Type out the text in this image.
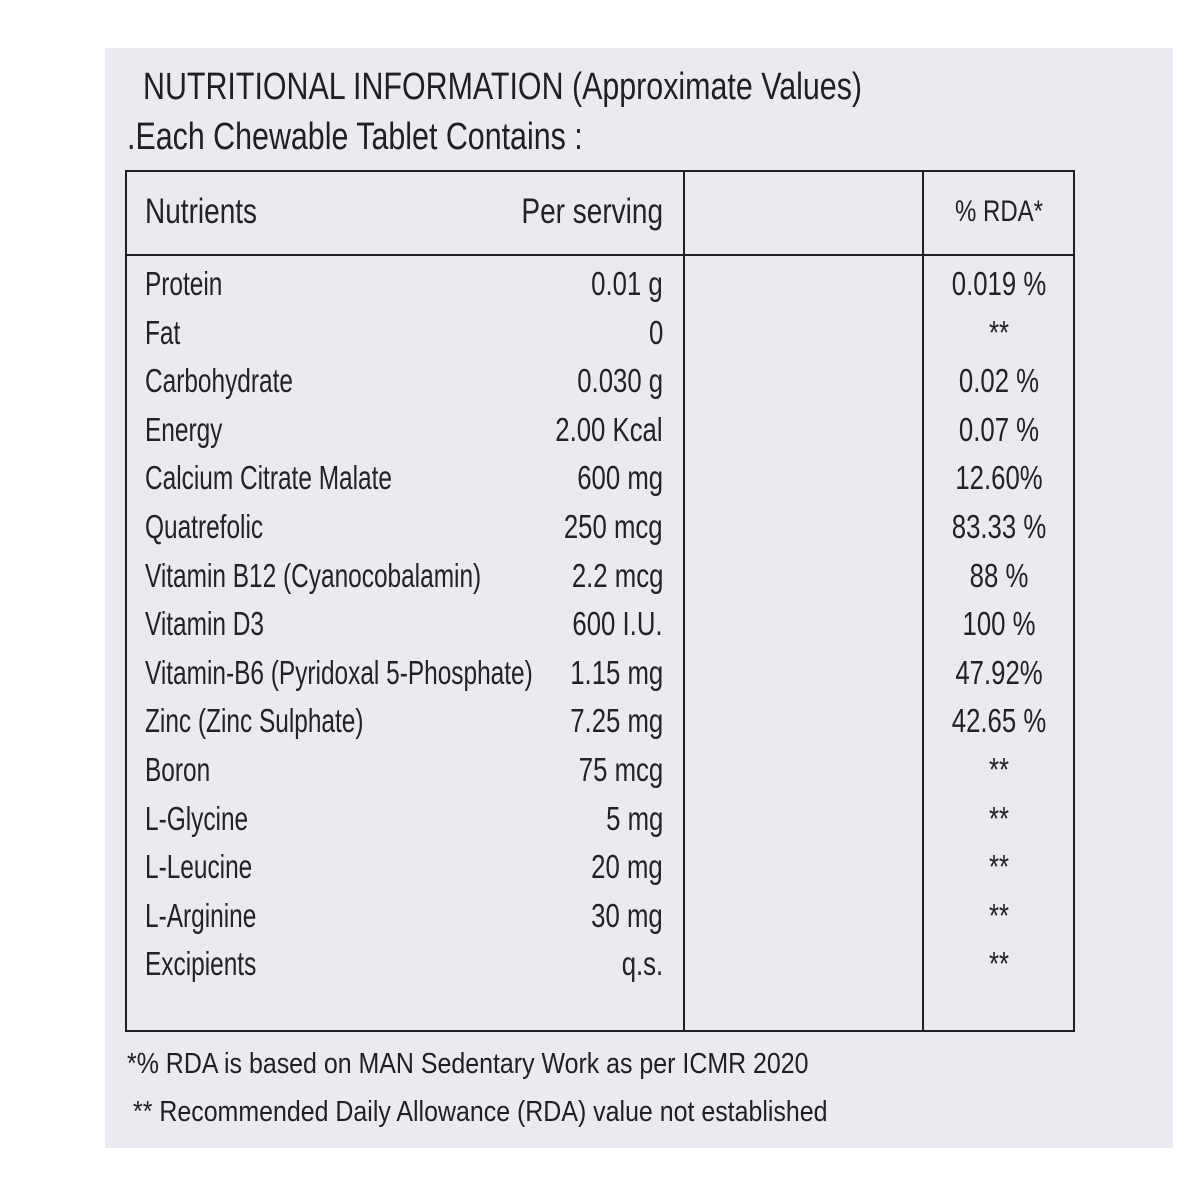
NUTRITIONAL INFORMATION (Approximate Values)
.Each Chewable Tablet Contains :
Nutrients	Per serving	% RDA*
Protein	0.01 g	0.019 %
Fat	0	**
Carbohydrate	0.030 g	0.02 %
Energy	2.00 Kcal	0.07 %
Calcium Citrate Malate	600 mg	12.60%
Quatrefolic	250 mcg	83.33 %
Vitamin B12 (Cyanocobalamin)	2.2 mcg	88 %
Vitamin D3	600 I.U.	100 %
Vitamin-B6 (Pyridoxal 5-Phosphate) 1.15 mg	47.92%
Zinc (Zinc Sulphate)	7.25 mg	42.65 %
Boron	75 mcg	**
L-Glycine	5 mg	**
L-Leucine	20 mg	**
L-Arginine	30 mg	**
Excipients	q.s.	**
*% RDA is based on MAN Sedentary Work as per ICMR 2020
** Recommended Daily Allowance (RDA) value not established
